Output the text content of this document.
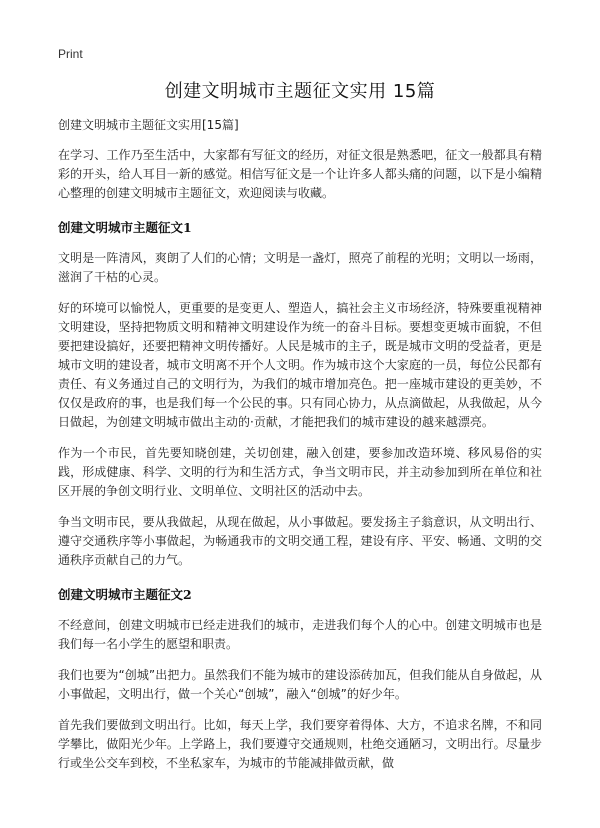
Print
创建文明城市主题征文实用 15篇
创建文明城市主题征文实用[15篇]

在学习、工作乃至生活中，大家都有写征文的经历，对征文很是熟悉吧，征文一般都具有精彩的开头，给人耳目一新的感觉。相信写征文是一个让许多人都头痛的问题，以下是小编精心整理的创建文明城市主题征文，欢迎阅读与收藏。

创建文明城市主题征文1

文明是一阵清风，爽朗了人们的心情；文明是一盏灯，照亮了前程的光明；文明以一场雨，滋润了干枯的心灵。

好的环境可以愉悦人，更重要的是变更人、塑造人，搞社会主义市场经济，特殊要重视精神文明建设，坚持把物质文明和精神文明建设作为统一的奋斗目标。要想变更城市面貌，不但要把建设搞好，还要把精神文明传播好。人民是城市的主子，既是城市文明的受益者，更是城市文明的建设者，城市文明离不开个人文明。作为城市这个大家庭的一员，每位公民都有责任、有义务通过自己的文明行为，为我们的城市增加亮色。把一座城市建设的更美妙，不仅仅是政府的事，也是我们每一个公民的事。只有同心协力，从点滴做起，从我做起，从今日做起，为创建文明城市做出主动的·贡献，才能把我们的城市建设的越来越漂亮。

作为一个市民，首先要知晓创建，关切创建，融入创建，要参加改造环境、移风易俗的实践，形成健康、科学、文明的行为和生活方式，争当文明市民，并主动参加到所在单位和社区开展的争创文明行业、文明单位、文明社区的活动中去。

争当文明市民，要从我做起，从现在做起，从小事做起。要发扬主子翁意识，从文明出行、遵守交通秩序等小事做起，为畅通我市的文明交通工程，建设有序、平安、畅通、文明的交通秩序贡献自己的力气。

创建文明城市主题征文2

不经意间，创建文明城市已经走进我们的城市，走进我们每个人的心中。创建文明城市也是我们每一名小学生的愿望和职责。

我们也要为“创城”出把力。虽然我们不能为城市的建设添砖加瓦，但我们能从自身做起，从小事做起，文明出行，做一个关心“创城”，融入“创城”的好少年。

首先我们要做到文明出行。比如，每天上学，我们要穿着得体、大方，不追求名牌，不和同学攀比，做阳光少年。上学路上，我们要遵守交通规则，杜绝交通陋习，文明出行。尽量步行或坐公交车到校，不坐私家车，为城市的节能减排做贡献，做
